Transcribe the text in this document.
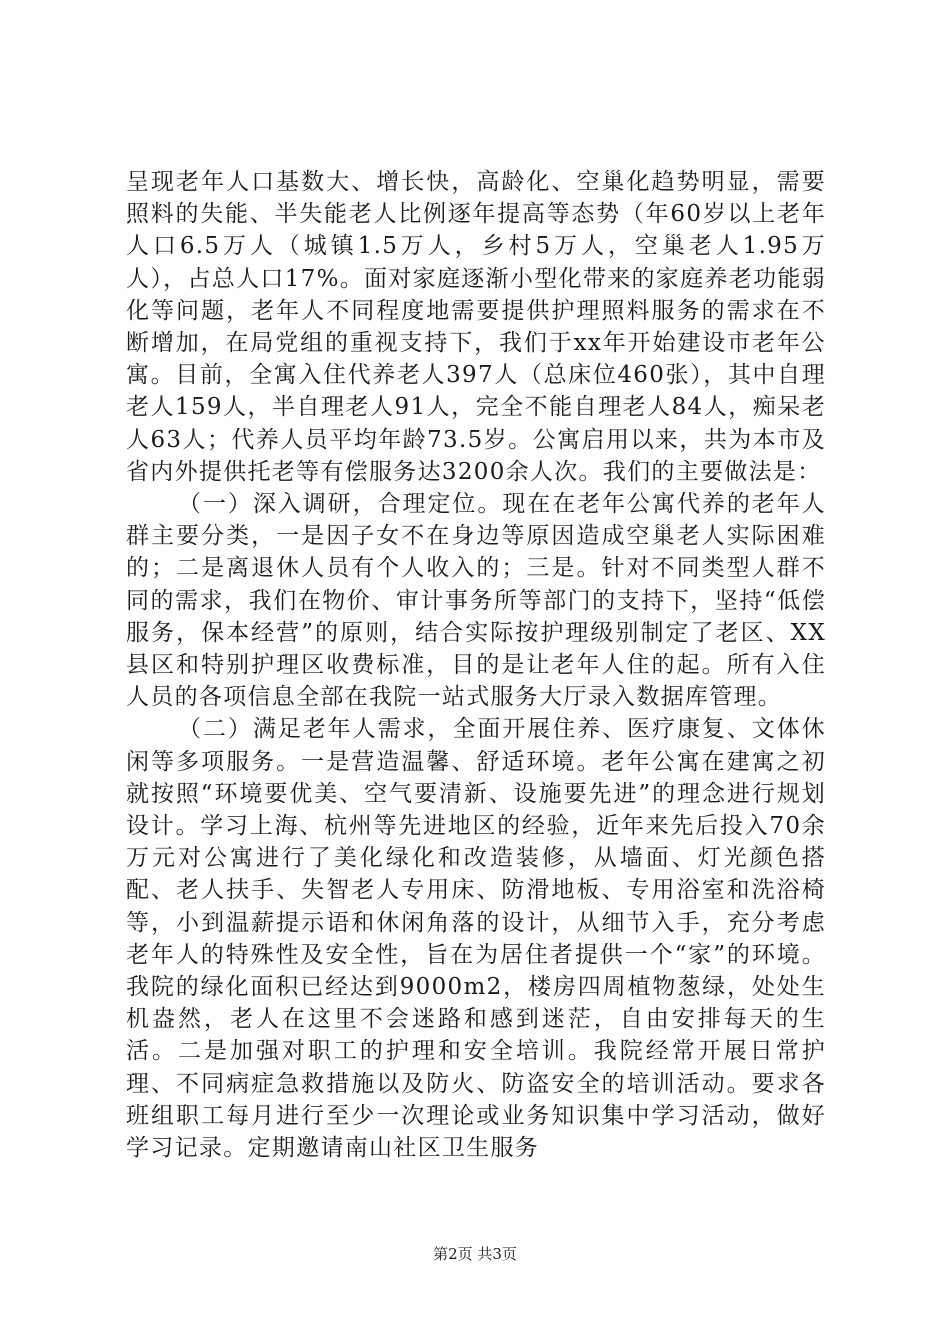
呈现老年人口基数大、增长快，高龄化、空巢化趋势明显，需要照料的失能、半失能老人比例逐年提高等态势（年60岁以上老年人口6.5万人（城镇1.5万人，乡村5万人，空巢老人1.95万人），占总人口17%。面对家庭逐渐小型化带来的家庭养老功能弱化等问题，老年人不同程度地需要提供护理照料服务的需求在不断增加，在局党组的重视支持下，我们于xx年开始建设市老年公寓。目前，全寓入住代养老人397人（总床位460张），其中自理老人159人，半自理老人91人，完全不能自理老人84人，痴呆老人63人；代养人员平均年龄73.5岁。公寓启用以来，共为本市及省内外提供托老等有偿服务达3200余人次。我们的主要做法是：

（一）深入调研，合理定位。现在在老年公寓代养的老年人群主要分类，一是因子女不在身边等原因造成空巢老人实际困难的；二是离退休人员有个人收入的；三是。针对不同类型人群不同的需求，我们在物价、审计事务所等部门的支持下，坚持“低偿服务，保本经营”的原则，结合实际按护理级别制定了老区、XX县区和特别护理区收费标准，目的是让老年人住的起。所有入住人员的各项信息全部在我院一站式服务大厅录入数据库管理。

（二）满足老年人需求，全面开展住养、医疗康复、文体休闲等多项服务。一是营造温馨、舒适环境。老年公寓在建寓之初就按照“环境要优美、空气要清新、设施要先进”的理念进行规划设计。学习上海、杭州等先进地区的经验，近年来先后投入70余万元对公寓进行了美化绿化和改造装修，从墙面、灯光颜色搭配、老人扶手、失智老人专用床、防滑地板、专用浴室和洗浴椅等，小到温薪提示语和休闲角落的设计，从细节入手，充分考虑老年人的特殊性及安全性，旨在为居住者提供一个“家”的环境。我院的绿化面积已经达到9000m2，楼房四周植物葱绿，处处生机盎然，老人在这里不会迷路和感到迷茫，自由安排每天的生活。二是加强对职工的护理和安全培训。我院经常开展日常护理、不同病症急救措施以及防火、防盗安全的培训活动。要求各班组职工每月进行至少一次理论或业务知识集中学习活动，做好学习记录。定期邀请南山社区卫生服务

第2页 共3页
